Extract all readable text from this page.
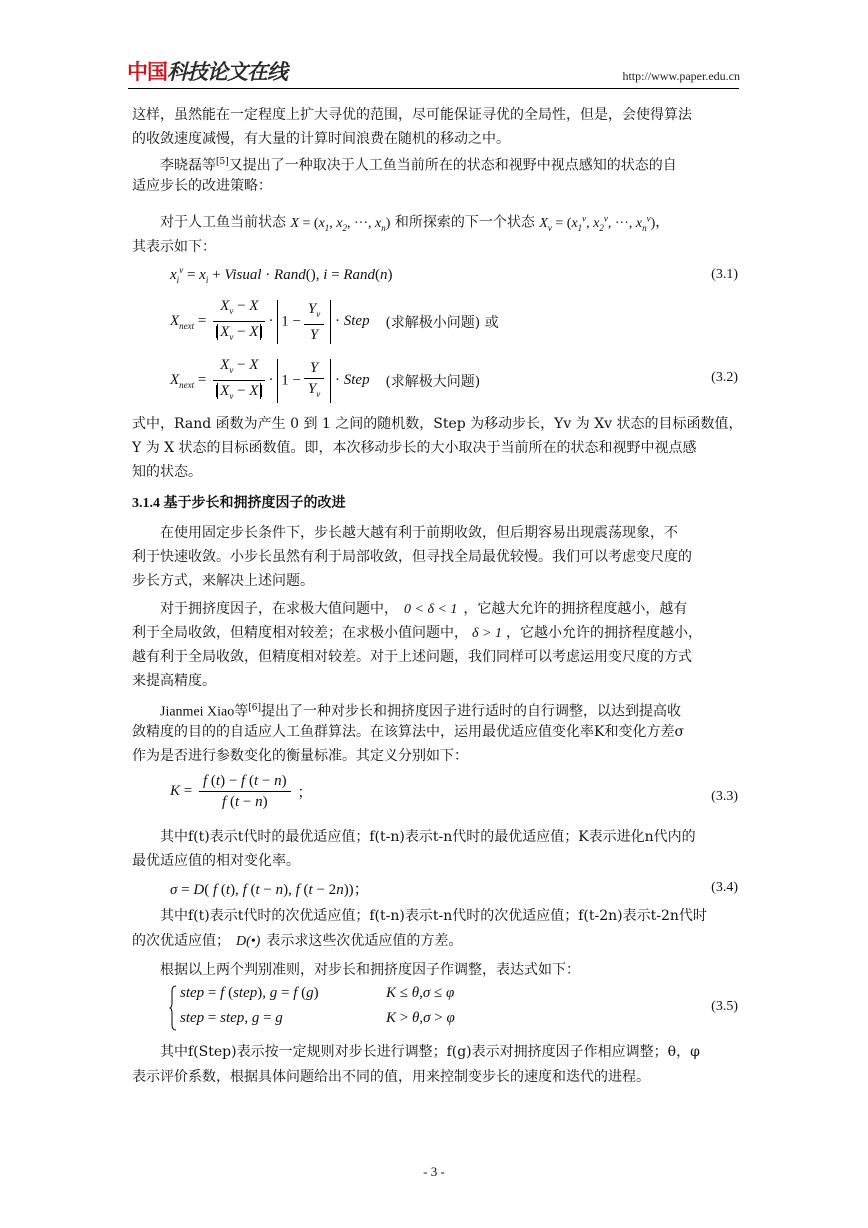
中国科技论文在线	http://www.paper.edu.cn
这样，虽然能在一定程度上扩大寻优的范围，尽可能保证寻优的全局性，但是，会使得算法
的收敛速度减慢，有大量的计算时间浪费在随机的移动之中。
李晓磊等[5]又提出了一种取决于人工鱼当前所在的状态和视野中视点感知的状态的自
适应步长的改进策略：
对于人工鱼当前状态 $X = (x_1$, $x_2$, ···, $x_n$) 和所探索的下一个状态 $X_v = (x_1^v$, $x_2^v$, ···, $x_n^v$)，
其表示如下：
$x_i^v = x_i$ + Visual · Rand(), i = Rand(n)	(3.1)
$X_{next} = \frac{X_v - X}{X_v - X} \cdot 1 - \frac{Y_v}{Y}$ · Step (求解极小问题) 或
$X_{next} = \frac{X_v - X}{X_v - X} \cdot 1 - \frac{Y}{Y_v}$ · Step (求解极大问题)	(3.2)
式中，Rand 函数为产生 0 到 1 之间的随机数，Step 为移动步长，Yv 为 Xv 状态的目标函数值，
Y 为 X 状态的目标函数值。即，本次移动步长的大小取决于当前所在的状态和视野中视点感
知的状态。
3.1.4 基于步长和拥挤度因子的改进
在使用固定步长条件下，步长越大越有利于前期收敛，但后期容易出现震荡现象，不
利于快速收敛。小步长虽然有利于局部收敛，但寻找全局最优较慢。我们可以考虑变尺度的
步长方式，来解决上述问题。
对于拥挤度因子，在求极大值问题中， 0 < δ < 1 ，它越大允许的拥挤程度越小，越有
利于全局收敛，但精度相对较差；在求极小值问题中， δ > 1 ，它越小允许的拥挤程度越小，
越有利于全局收敛，但精度相对较差。对于上述问题，我们同样可以考虑运用变尺度的方式
来提高精度。
Jianmei Xiao等[6]提出了一种对步长和拥挤度因子进行适时的自行调整，以达到提高收
敛精度的目的的自适应人工鱼群算法。在该算法中，运用最优适应值变化率K和变化方差σ
作为是否进行参数变化的衡量标准。其定义分别如下：
$K = \frac{f (t) - f (t - n)}{f (t - n)}$ ；	(3.3)
其中f(t)表示t代时的最优适应值；f(t-n)表示t-n代时的最优适应值；K表示进化n代内的
最优适应值的相对变化率。
σ = D( f (t), f (t − n), f (t − 2n))；	(3.4)
其中f(t)表示t代时的次优适应值；f(t-n)表示t-n代时的次优适应值；f(t-2n)表示t-2n代时
的次优适应值； D(•) 表示求这些次优适应值的方差。
根据以上两个判别准则，对步长和拥挤度因子作调整，表达式如下：
step = f (step), g = f (g)	K ≤ θ,σ ≤ φ
step = step, g = g	K > θ,σ > φ
(3.5)
其中f(Step)表示按一定规则对步长进行调整；f(g)表示对拥挤度因子作相应调整；θ，φ
表示评价系数，根据具体问题给出不同的值，用来控制变步长的速度和迭代的进程。
- 3 -
